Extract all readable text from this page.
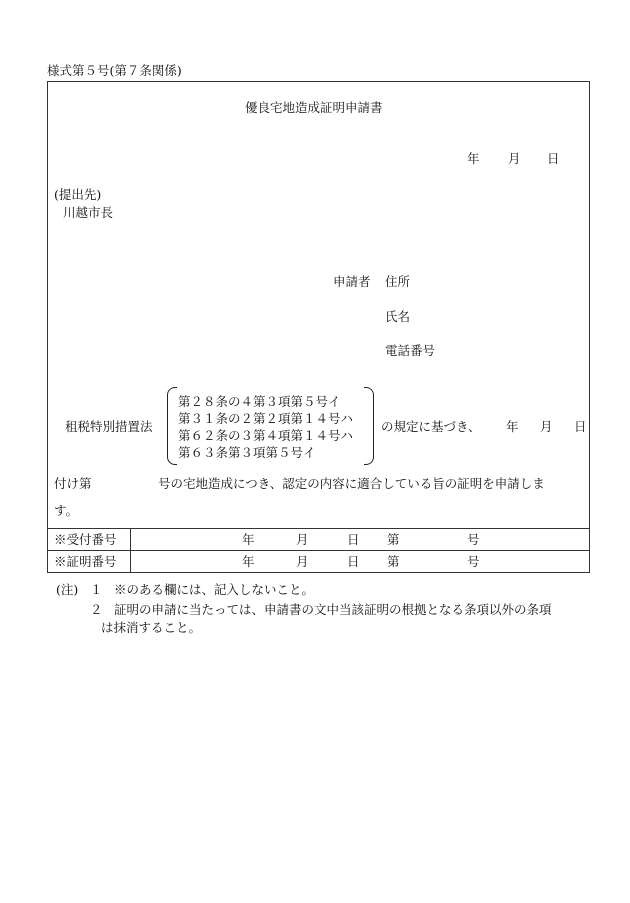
様式第５号(第７条関係)
優良宅地造成証明申請書
年 月 日
(提出先)
川越市長
申請者 住所
氏名
電話番号
租税特別措置法
第２８条の４第３項第５号イ
第３１条の２第２項第１４号ハ
第６２条の３第４項第１４号ハ
第６３条第３項第５号イ
の規定に基づき、 年 月 日
付け第	号の宅地造成につき、認定の内容に適合している旨の証明を申請しま
す。
※受付番号	年	月	日 第	号
※証明番号	年	月	日 第	号
(注) １ ※のある欄には、記入しないこと。
２ 証明の申請に当たっては、申請書の文中当該証明の根拠となる条項以外の条項
は抹消すること。
